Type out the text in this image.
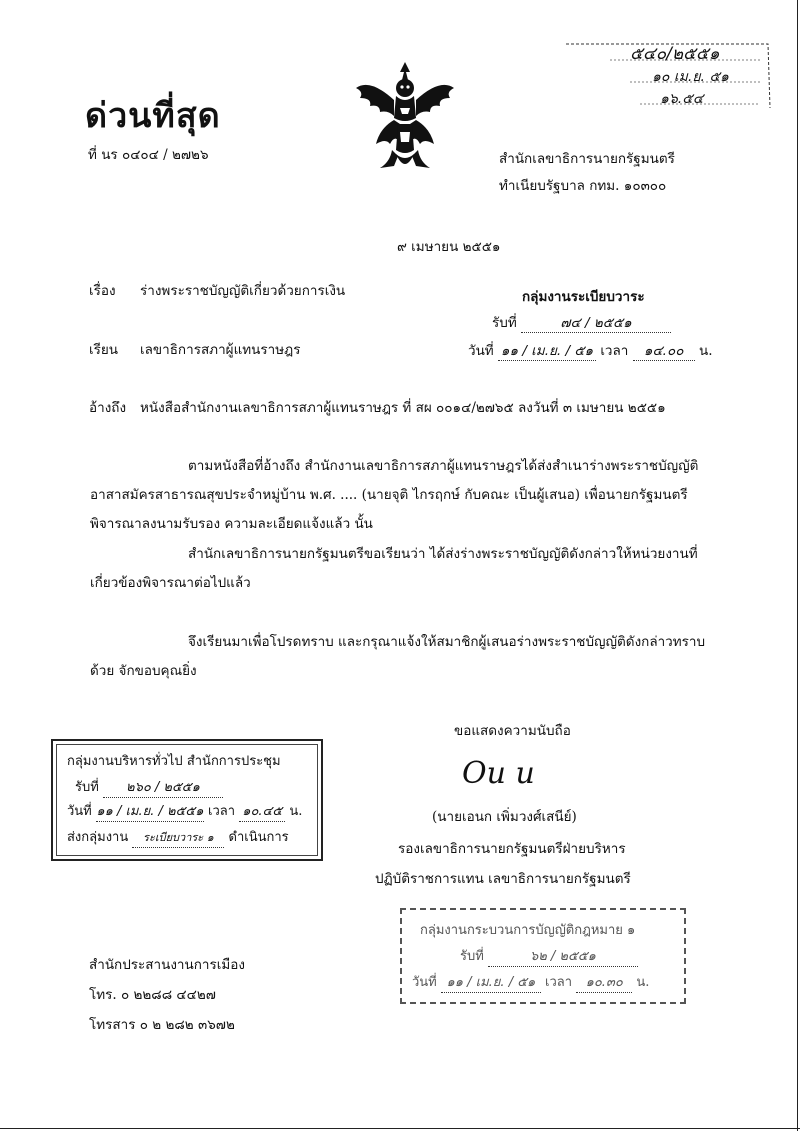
ด่วนที่สุด
ที่ นร ๐๔๐๔ / ๒๗๒๖
๕๔๐/๒๕๕๑
๑๐ เม.ย. ๕๑
๑๖.๕๔
สำนักเลขาธิการนายกรัฐมนตรี
ทำเนียบรัฐบาล กทม. ๑๐๓๐๐
๙ เมษายน ๒๕๕๑
เรื่อง ร่างพระราชบัญญัติเกี่ยวด้วยการเงิน
เรียน เลขาธิการสภาผู้แทนราษฎร
กลุ่มงานระเบียบวาระ
รับที่	๗๔ / ๒๕๕๑
วันที่ ๑๑ / เม.ย. / ๕๑ เวลา ๑๔.๐๐ น.
อ้างถึง หนังสือสำนักงานเลขาธิการสภาผู้แทนราษฎร ที่ สผ ๐๐๑๔/๒๗๖๕ ลงวันที่ ๓ เมษายน ๒๕๕๑
ตามหนังสือที่อ้างถึง สำนักงานเลขาธิการสภาผู้แทนราษฎรได้ส่งสำเนาร่างพระราชบัญญัติอาสาสมัครสาธารณสุขประจำหมู่บ้าน พ.ศ. .... (นายจุติ ไกรฤกษ์ กับคณะ เป็นผู้เสนอ) เพื่อนายกรัฐมนตรีพิจารณาลงนามรับรอง ความละเอียดแจ้งแล้ว นั้น
สำนักเลขาธิการนายกรัฐมนตรีขอเรียนว่า ได้ส่งร่างพระราชบัญญัติดังกล่าวให้หน่วยงานที่เกี่ยวข้องพิจารณาต่อไปแล้ว
จึงเรียนมาเพื่อโปรดทราบ และกรุณาแจ้งให้สมาชิกผู้เสนอร่างพระราชบัญญัติดังกล่าวทราบด้วย จักขอบคุณยิ่ง
ขอแสดงความนับถือ
Ou u
(นายเอนก เพิ่มวงศ์เสนีย์)
รองเลขาธิการนายกรัฐมนตรีฝ่ายบริหาร
ปฏิบัติราชการแทน เลขาธิการนายกรัฐมนตรี
กลุ่มงานบริหารทั่วไป สำนักการประชุม
รับที่ ๒๖๐ / ๒๕๕๑
วันที่ ๑๑ / เม.ย. / ๒๕๕๑ เวลา ๑๐.๔๕ น.
ส่งกลุ่มงาน ระเบียบวาระ ๑ ดำเนินการ
กลุ่มงานกระบวนการบัญญัติกฎหมาย ๑
รับที่	๖๒ / ๒๕๕๑
วันที่ ๑๑ / เม.ย. / ๕๑ เวลา ๑๐.๓๐ น.
สำนักประสานงานการเมือง
โทร. ๐ ๒๒๘๘ ๔๔๒๗
โทรสาร ๐ ๒ ๒๘๒ ๓๖๗๒
